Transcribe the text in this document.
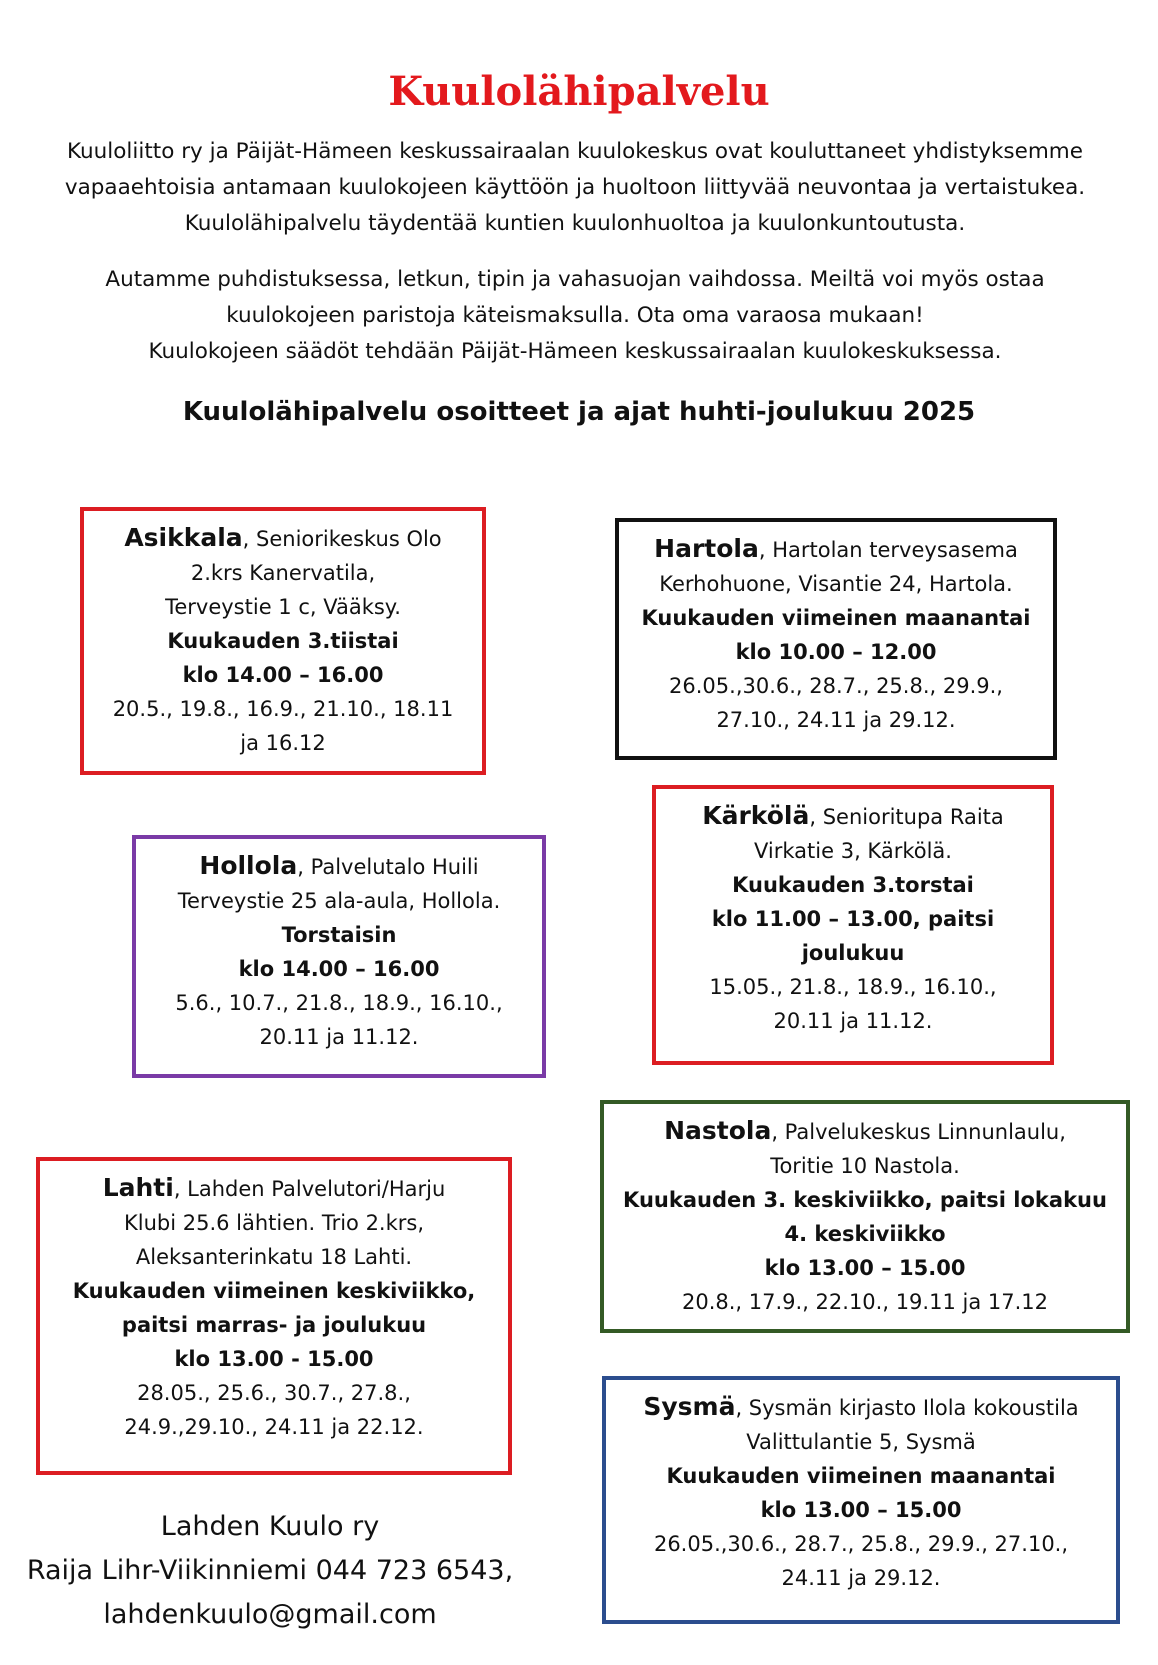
Kuulolähipalvelu
Kuuloliitto ry ja Päijät-Hämeen keskussairaalan kuulokeskus ovat kouluttaneet yhdistyksemme
vapaaehtoisia antamaan kuulokojeen käyttöön ja huoltoon liittyvää neuvontaa ja vertaistukea.
Kuulolähipalvelu täydentää kuntien kuulonhuoltoa ja kuulonkuntoutusta.
Autamme puhdistuksessa, letkun, tipin ja vahasuojan vaihdossa. Meiltä voi myös ostaa
kuulokojeen paristoja käteismaksulla. Ota oma varaosa mukaan!
Kuulokojeen säädöt tehdään Päijät-Hämeen keskussairaalan kuulokeskuksessa.
Kuulolähipalvelu osoitteet ja ajat huhti-joulukuu 2025
Asikkala, Seniorikeskus Olo
2.krs Kanervatila,
Terveystie 1 c, Vääksy.
Kuukauden 3.tiistai
klo 14.00 – 16.00
20.5., 19.8., 16.9., 21.10., 18.11
ja 16.12
Hartola, Hartolan terveysasema
Kerhohuone, Visantie 24, Hartola.
Kuukauden viimeinen maanantai
klo 10.00 – 12.00
26.05.,30.6., 28.7., 25.8., 29.9.,
27.10., 24.11 ja 29.12.
Kärkölä, Senioritupa Raita
Virkatie 3, Kärkölä.
Kuukauden 3.torstai
klo 11.00 – 13.00, paitsi
joulukuu
15.05., 21.8., 18.9., 16.10.,
20.11 ja 11.12.
Hollola, Palvelutalo Huili
Terveystie 25 ala-aula, Hollola.
Torstaisin
klo 14.00 – 16.00
5.6., 10.7., 21.8., 18.9., 16.10.,
20.11 ja 11.12.
Nastola, Palvelukeskus Linnunlaulu,
Toritie 10 Nastola.
Kuukauden 3. keskiviikko, paitsi lokakuu
4. keskiviikko
klo 13.00 – 15.00
20.8., 17.9., 22.10., 19.11 ja 17.12
Lahti, Lahden Palvelutori/Harju
Klubi 25.6 lähtien. Trio 2.krs,
Aleksanterinkatu 18 Lahti.
Kuukauden viimeinen keskiviikko,
paitsi marras- ja joulukuu
klo 13.00 - 15.00
28.05., 25.6., 30.7., 27.8.,
24.9.,29.10., 24.11 ja 22.12.
Sysmä, Sysmän kirjasto Ilola kokoustila
Valittulantie 5, Sysmä
Kuukauden viimeinen maanantai
klo 13.00 – 15.00
26.05.,30.6., 28.7., 25.8., 29.9., 27.10.,
24.11 ja 29.12.
Lahden Kuulo ry
Raija Lihr-Viikinniemi 044 723 6543,
lahdenkuulo@gmail.com
